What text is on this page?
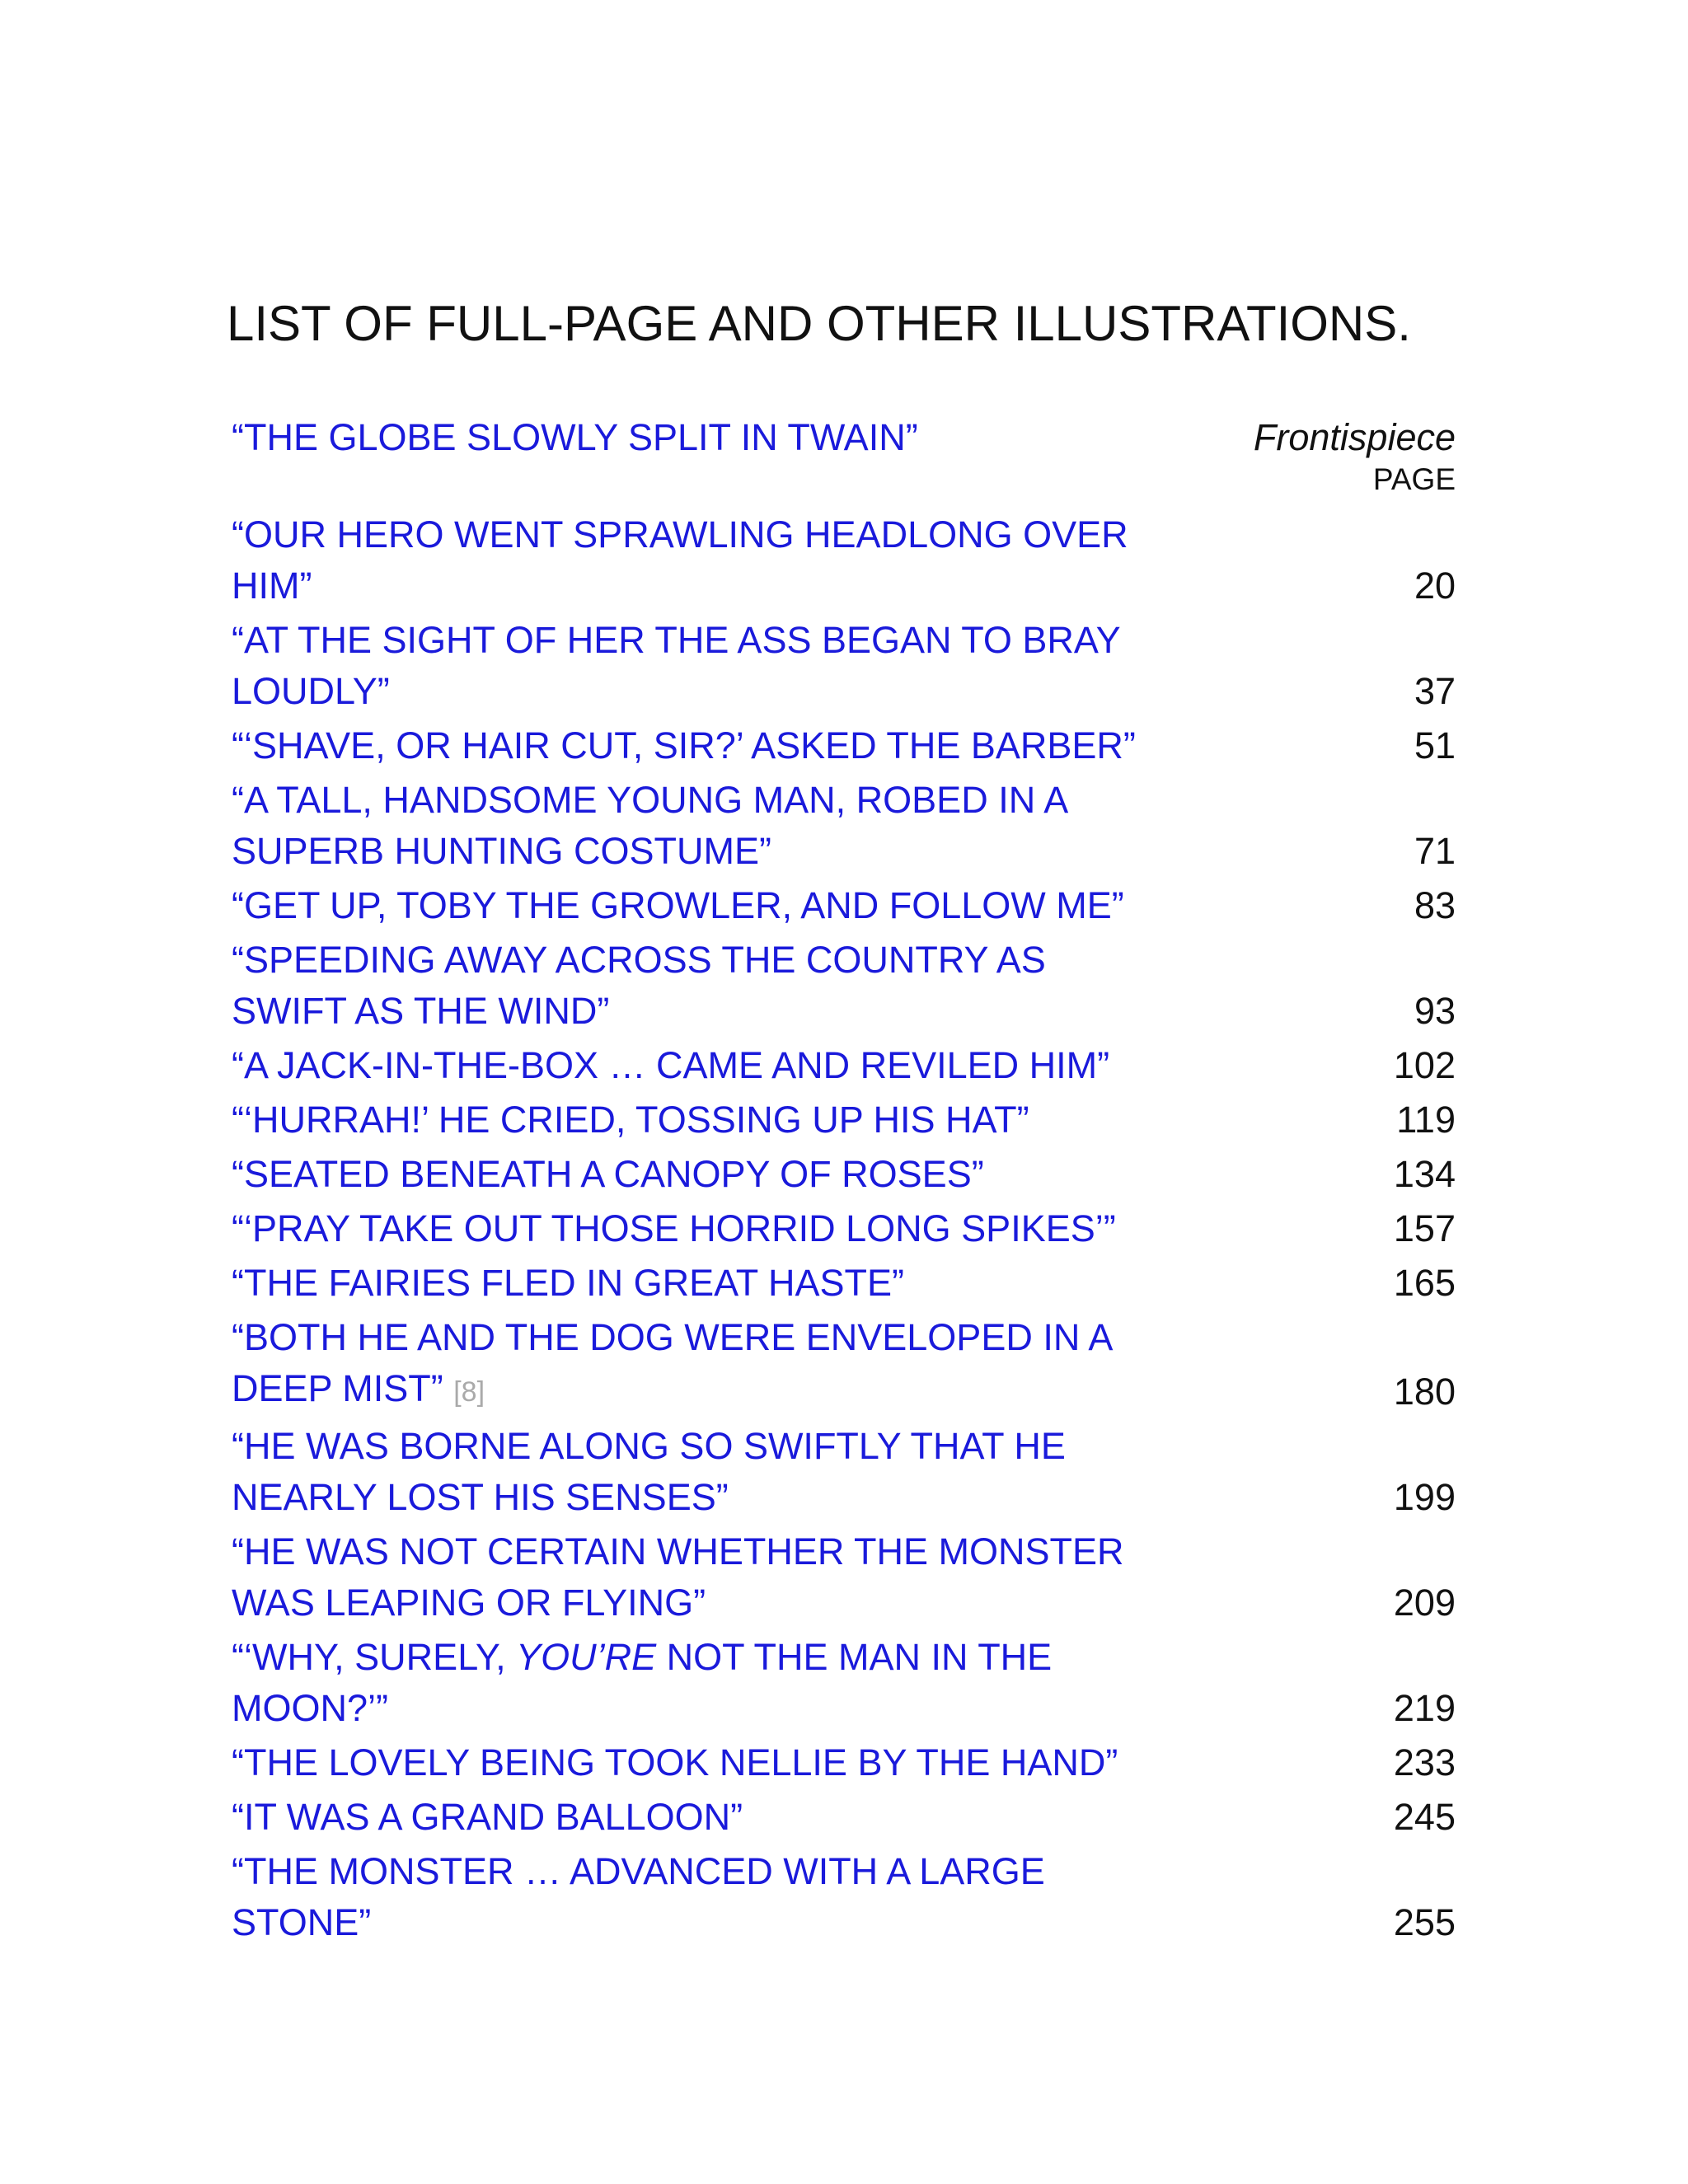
LIST OF FULL-PAGE AND OTHER ILLUSTRATIONS.
“THE GLOBE SLOWLY SPLIT IN TWAIN”	Frontispiece
PAGE
“OUR HERO WENT SPRAWLING HEADLONG OVER
HIM”	20
“AT THE SIGHT OF HER THE ASS BEGAN TO BRAY
LOUDLY”	37
“‘SHAVE, OR HAIR CUT, SIR?’ ASKED THE BARBER”	51
“A TALL, HANDSOME YOUNG MAN, ROBED IN A
SUPERB HUNTING COSTUME”	71
“GET UP, TOBY THE GROWLER, AND FOLLOW ME”	83
“SPEEDING AWAY ACROSS THE COUNTRY AS
SWIFT AS THE WIND”	93
“A JACK-IN-THE-BOX … CAME AND REVILED HIM”	102
“‘HURRAH!’ HE CRIED, TOSSING UP HIS HAT”	119
“SEATED BENEATH A CANOPY OF ROSES”	134
“‘PRAY TAKE OUT THOSE HORRID LONG SPIKES’”	157
“THE FAIRIES FLED IN GREAT HASTE”	165
“BOTH HE AND THE DOG WERE ENVELOPED IN A
DEEP MIST” [8]	180
“HE WAS BORNE ALONG SO SWIFTLY THAT HE
NEARLY LOST HIS SENSES”	199
“HE WAS NOT CERTAIN WHETHER THE MONSTER
WAS LEAPING OR FLYING”	209
“‘WHY, SURELY, YOU’RE NOT THE MAN IN THE
MOON?’”	219
“THE LOVELY BEING TOOK NELLIE BY THE HAND”	233
“IT WAS A GRAND BALLOON”	245
“THE MONSTER … ADVANCED WITH A LARGE
STONE”	255
